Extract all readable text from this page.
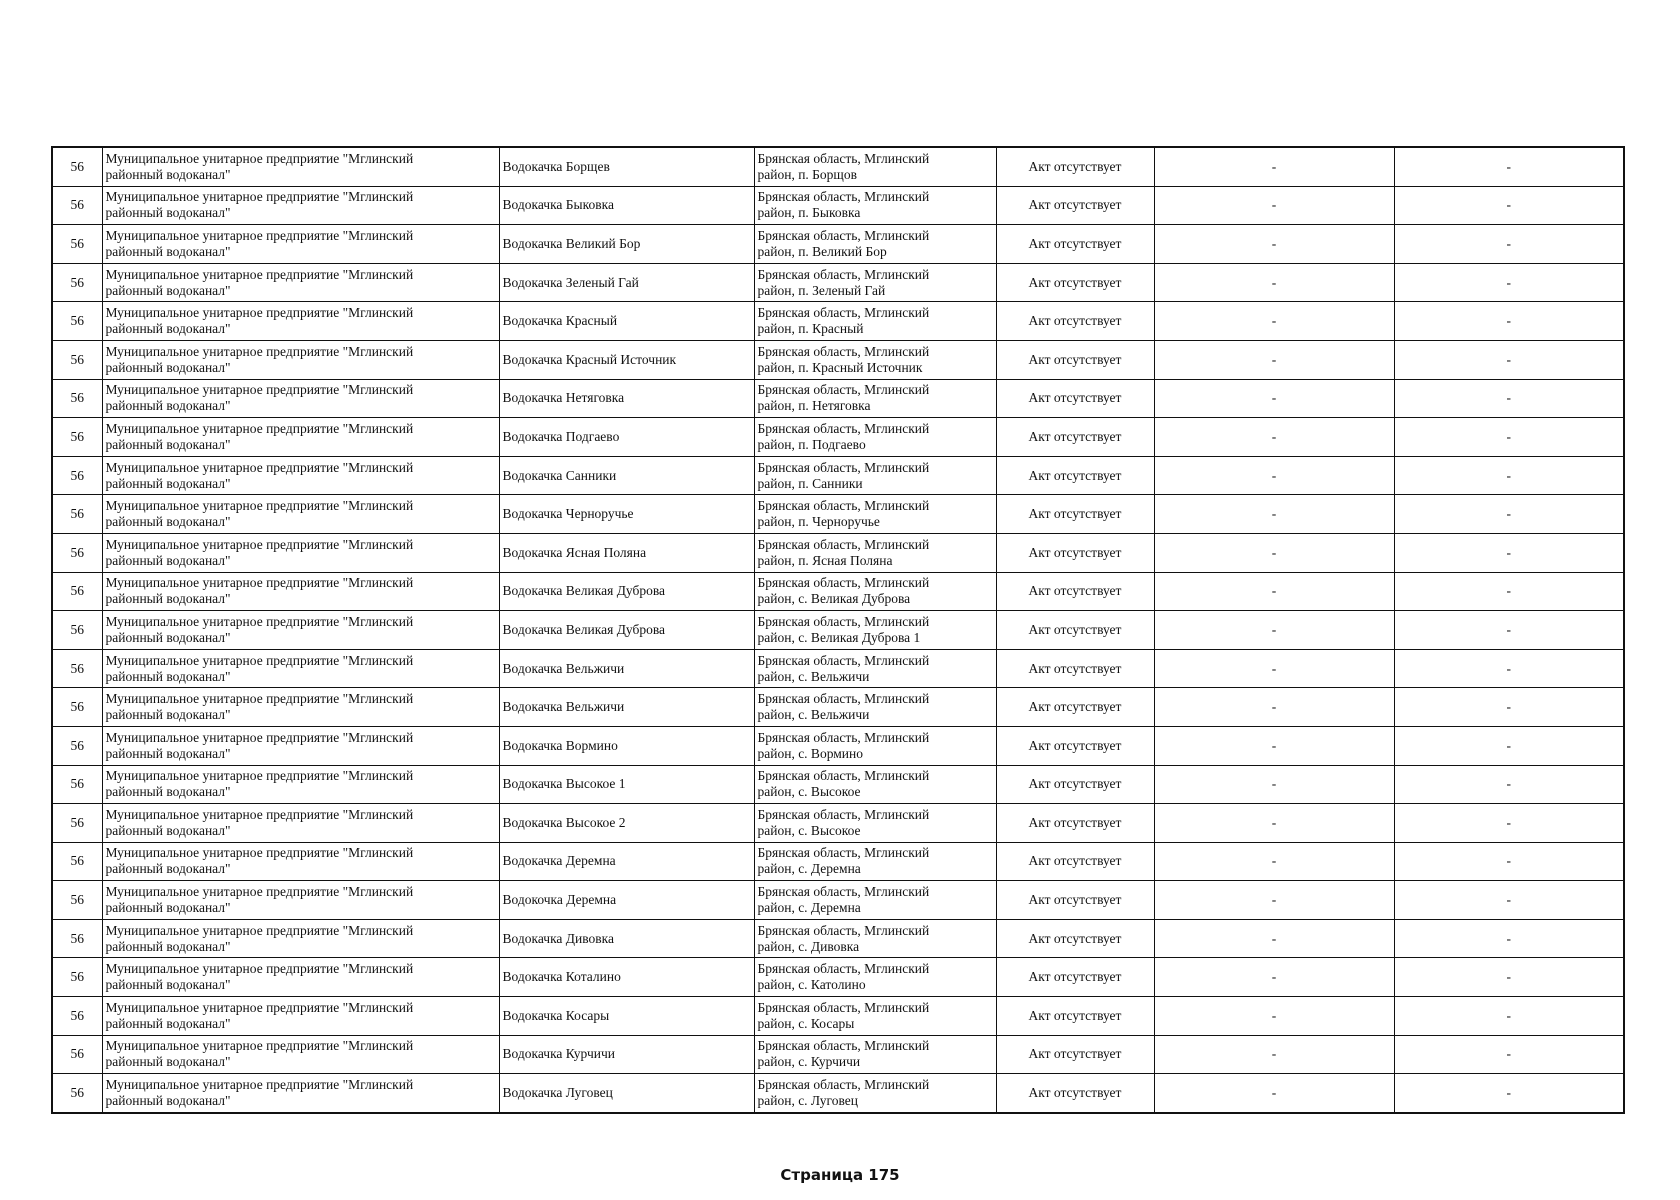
56	Муниципальное унитарное предприятие "Мглинский
районный водоканал"	Водокачка Борщев	Брянская область, Мглинский
район, п. Борщов	Акт отсутствует	-	-
56	Муниципальное унитарное предприятие "Мглинский
районный водоканал"	Водокачка Быковка	Брянская область, Мглинский
район, п. Быковка	Акт отсутствует	-	-
56	Муниципальное унитарное предприятие "Мглинский
районный водоканал"	Водокачка Великий Бор	Брянская область, Мглинский
район, п. Великий Бор	Акт отсутствует	-	-
56	Муниципальное унитарное предприятие "Мглинский
районный водоканал"	Водокачка Зеленый Гай	Брянская область, Мглинский
район, п. Зеленый Гай	Акт отсутствует	-	-
56	Муниципальное унитарное предприятие "Мглинский
районный водоканал"	Водокачка Красный	Брянская область, Мглинский
район, п. Красный	Акт отсутствует	-	-
56	Муниципальное унитарное предприятие "Мглинский
районный водоканал"	Водокачка Красный Источник	Брянская область, Мглинский
район, п. Красный Источник	Акт отсутствует	-	-
56	Муниципальное унитарное предприятие "Мглинский
районный водоканал"	Водокачка Нетяговка	Брянская область, Мглинский
район, п. Нетяговка	Акт отсутствует	-	-
56	Муниципальное унитарное предприятие "Мглинский
районный водоканал"	Водокачка Подгаево	Брянская область, Мглинский
район, п. Подгаево	Акт отсутствует	-	-
56	Муниципальное унитарное предприятие "Мглинский
районный водоканал"	Водокачка Санники	Брянская область, Мглинский
район, п. Санники	Акт отсутствует	-	-
56	Муниципальное унитарное предприятие "Мглинский
районный водоканал"	Водокачка Черноручье	Брянская область, Мглинский
район, п. Черноручье	Акт отсутствует	-	-
56	Муниципальное унитарное предприятие "Мглинский
районный водоканал"	Водокачка Ясная Поляна	Брянская область, Мглинский
район, п. Ясная Поляна	Акт отсутствует	-	-
56	Муниципальное унитарное предприятие "Мглинский
районный водоканал"	Водокачка Великая Дуброва	Брянская область, Мглинский
район, с. Великая Дуброва	Акт отсутствует	-	-
56	Муниципальное унитарное предприятие "Мглинский
районный водоканал"	Водокачка Великая Дуброва	Брянская область, Мглинский
район, с. Великая Дуброва 1	Акт отсутствует	-	-
56	Муниципальное унитарное предприятие "Мглинский
районный водоканал"	Водокачка Вельжичи	Брянская область, Мглинский
район, с. Вельжичи	Акт отсутствует	-	-
56	Муниципальное унитарное предприятие "Мглинский
районный водоканал"	Водокачка Вельжичи	Брянская область, Мглинский
район, с. Вельжичи	Акт отсутствует	-	-
56	Муниципальное унитарное предприятие "Мглинский
районный водоканал"	Водокачка Вормино	Брянская область, Мглинский
район, с. Вормино	Акт отсутствует	-	-
56	Муниципальное унитарное предприятие "Мглинский
районный водоканал"	Водокачка Высокое 1	Брянская область, Мглинский
район, с. Высокое	Акт отсутствует	-	-
56	Муниципальное унитарное предприятие "Мглинский
районный водоканал"	Водокачка Высокое 2	Брянская область, Мглинский
район, с. Высокое	Акт отсутствует	-	-
56	Муниципальное унитарное предприятие "Мглинский
районный водоканал"	Водокачка Деремна	Брянская область, Мглинский
район, с. Деремна	Акт отсутствует	-	-
56	Муниципальное унитарное предприятие "Мглинский
районный водоканал"	Водокочка Деремна	Брянская область, Мглинский
район, с. Деремна	Акт отсутствует	-	-
56	Муниципальное унитарное предприятие "Мглинский
районный водоканал"	Водокачка Дивовка	Брянская область, Мглинский
район, с. Дивовка	Акт отсутствует	-	-
56	Муниципальное унитарное предприятие "Мглинский
районный водоканал"	Водокачка Коталино	Брянская область, Мглинский
район, с. Католино	Акт отсутствует	-	-
56	Муниципальное унитарное предприятие "Мглинский
районный водоканал"	Водокачка Косары	Брянская область, Мглинский
район, с. Косары	Акт отсутствует	-	-
56	Муниципальное унитарное предприятие "Мглинский
районный водоканал"	Водокачка Курчичи	Брянская область, Мглинский
район, с. Курчичи	Акт отсутствует	-	-
56	Муниципальное унитарное предприятие "Мглинский
районный водоканал"	Водокачка Луговец	Брянская область, Мглинский
район, с. Луговец	Акт отсутствует	-	-
Страница 175
